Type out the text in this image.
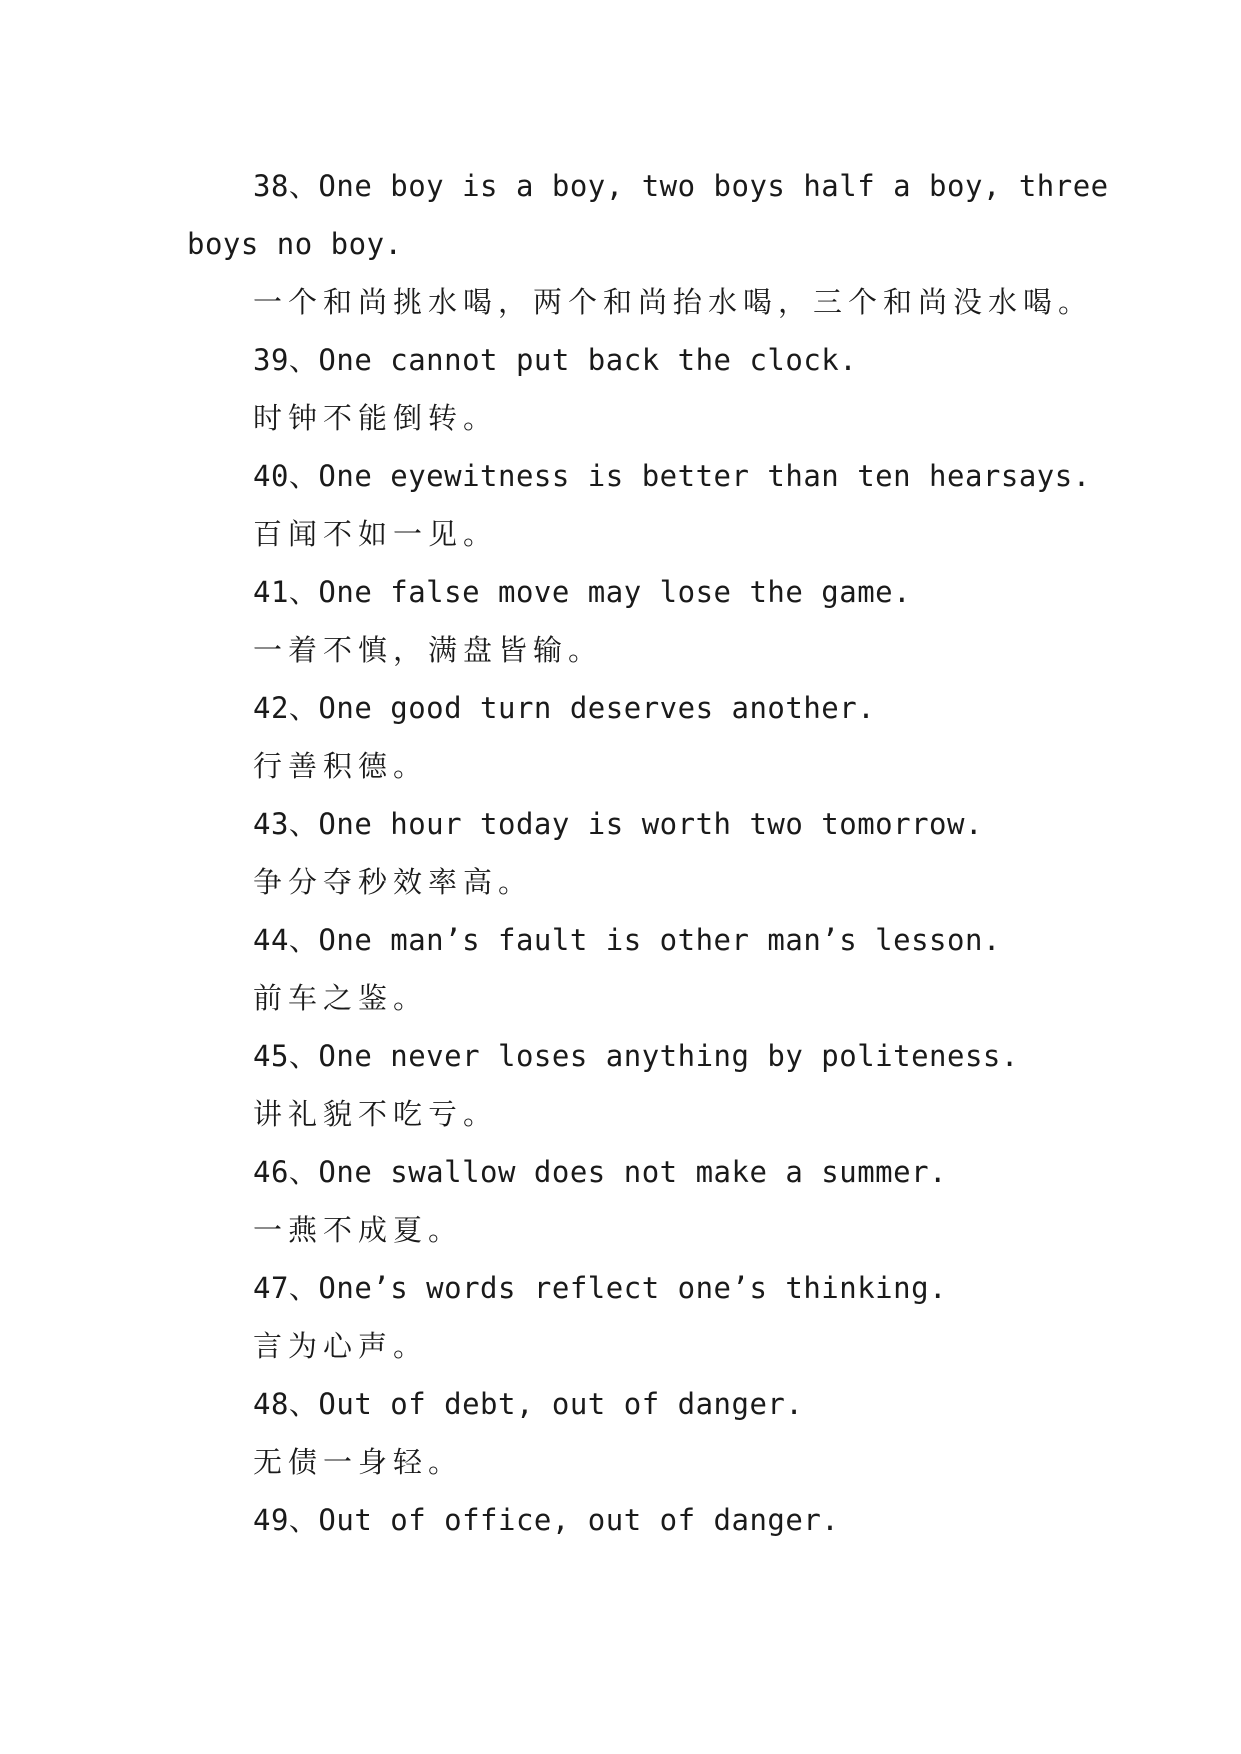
38、One boy is a boy, two boys half a boy, three
boys no boy.
一个和尚挑水喝，两个和尚抬水喝，三个和尚没水喝。
39、One cannot put back the clock.
时钟不能倒转。
40、One eyewitness is better than ten hearsays.
百闻不如一见。
41、One false move may lose the game.
一着不慎，满盘皆输。
42、One good turn deserves another.
行善积德。
43、One hour today is worth two tomorrow.
争分夺秒效率高。
44、One man’s fault is other man’s lesson.
前车之鉴。
45、One never loses anything by politeness.
讲礼貌不吃亏。
46、One swallow does not make a summer.
一燕不成夏。
47、One’s words reflect one’s thinking.
言为心声。
48、Out of debt, out of danger.
无债一身轻。
49、Out of office, out of danger.
